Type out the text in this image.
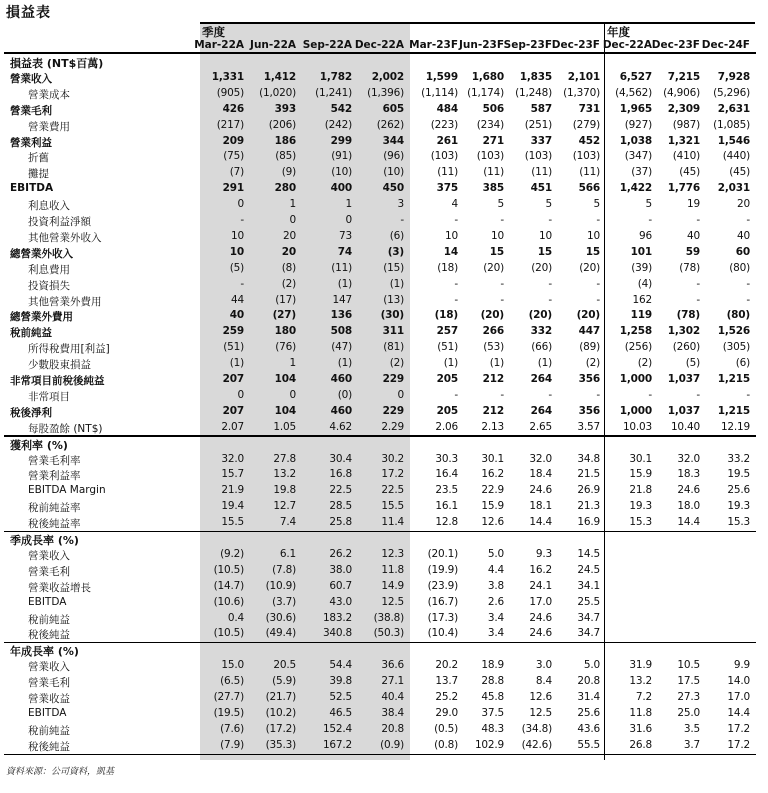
損益表
季度	年度
Mar-22A Jun-22A Sep-22A Dec-22A Mar-23F Jun-23F Sep-23F Dec-23F Dec-22A Dec-23F Dec-24F
損益表 (NT$百萬)
營業收入	1,331	1,412	1,782	2,002	1,599	1,680	1,835	2,101	6,527	7,215	7,928
營業成本	(905)	(1,020)	(1,241)	(1,396)	(1,114) (1,174)	(1,248)	(1,370)	(4,562)	(4,906)	(5,296)
營業毛利	426	393	542	605	484	506	587	731	1,965	2,309	2,631
營業費用	(217)	(206)	(242)	(262)	(223)	(234)	(251)	(279)	(927)	(987)	(1,085)
營業利益	209	186	299	344	261	271	337	452	1,038	1,321	1,546
折舊	(75)	(85)	(91)	(96)	(103)	(103)	(103)	(103)	(347)	(410)	(440)
攤提	(7)	(9)	(10)	(10)	(11)	(11)	(11)	(11)	(37)	(45)	(45)
EBITDA	291	280	400	450	375	385	451	566	1,422	1,776	2,031
利息收入	0	1	1	3	4	5	5	5	5	19	20
投資利益淨額	-	0	0	-	-	-	-	-	-	-	-
其他營業外收入	10	20	73	(6)	10	10	10	10	96	40	40
總營業外收入	10	20	74	(3)	14	15	15	15	101	59	60
利息費用	(5)	(8)	(11)	(15)	(18)	(20)	(20)	(20)	(39)	(78)	(80)
投資損失	-	(2)	(1)	(1)	-	-	-	-	(4)	-	-
其他營業外費用	44	(17)	147	(13)	-	-	-	-	162	-	-
總營業外費用	40	(27)	136	(30)	(18)	(20)	(20)	(20)	119	(78)	(80)
稅前純益	259	180	508	311	257	266	332	447	1,258	1,302	1,526
所得稅費用[利益]	(51)	(76)	(47)	(81)	(51)	(53)	(66)	(89)	(256)	(260)	(305)
少數股東損益	(1)	1	(1)	(2)	(1)	(1)	(1)	(2)	(2)	(5)	(6)
非常項目前稅後純益	207	104	460	229	205	212	264	356	1,000	1,037	1,215
非常項目	0	0	(0)	0	-	-	-	-	-	-	-
稅後淨利	207	104	460	229	205	212	264	356	1,000	1,037	1,215
每股盈餘 (NT$)	2.07	1.05	4.62	2.29	2.06	2.13	2.65	3.57	10.03	10.40	12.19
獲利率 (%)
營業毛利率	32.0	27.8	30.4	30.2	30.3	30.1	32.0	34.8	30.1	32.0	33.2
營業利益率	15.7	13.2	16.8	17.2	16.4	16.2	18.4	21.5	15.9	18.3	19.5
EBITDA Margin	21.9	19.8	22.5	22.5	23.5	22.9	24.6	26.9	21.8	24.6	25.6
稅前純益率	19.4	12.7	28.5	15.5	16.1	15.9	18.1	21.3	19.3	18.0	19.3
稅後純益率	15.5	7.4	25.8	11.4	12.8	12.6	14.4	16.9	15.3	14.4	15.3
季成長率 (%)
營業收入	(9.2)	6.1	26.2	12.3	(20.1)	5.0	9.3	14.5
營業毛利	(10.5)	(7.8)	38.0	11.8	(19.9)	4.4	16.2	24.5
營業收益增長	(14.7)	(10.9)	60.7	14.9	(23.9)	3.8	24.1	34.1
EBITDA	(10.6)	(3.7)	43.0	12.5	(16.7)	2.6	17.0	25.5
稅前純益	0.4	(30.6)	183.2	(38.8)	(17.3)	3.4	24.6	34.7
稅後純益	(10.5)	(49.4)	340.8	(50.3)	(10.4)	3.4	24.6	34.7
年成長率 (%)
營業收入	15.0	20.5	54.4	36.6	20.2	18.9	3.0	5.0	31.9	10.5	9.9
營業毛利	(6.5)	(5.9)	39.8	27.1	13.7	28.8	8.4	20.8	13.2	17.5	14.0
營業收益	(27.7)	(21.7)	52.5	40.4	25.2	45.8	12.6	31.4	7.2	27.3	17.0
EBITDA	(19.5)	(10.2)	46.5	38.4	29.0	37.5	12.5	25.6	11.8	25.0	14.4
稅前純益	(7.6)	(17.2)	152.4	20.8	(0.5)	48.3	(34.8)	43.6	31.6	3.5	17.2
稅後純益	(7.9)	(35.3)	167.2	(0.9)	(0.8)	102.9	(42.6)	55.5	26.8	3.7	17.2
資料來源：公司資料，凱基
